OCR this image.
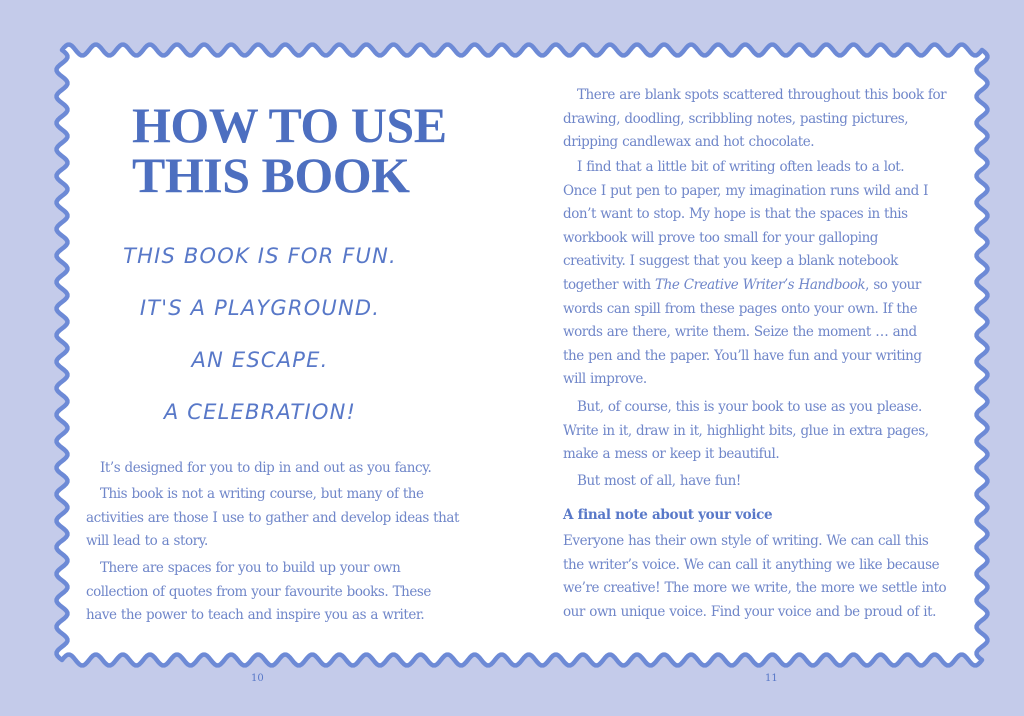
HOW TO USE
THIS BOOK
THIS BOOK IS FOR FUN.
IT'S A PLAYGROUND.
AN ESCAPE.
A CELEBRATION!

It’s designed for you to dip in and out as you fancy.

This book is not a writing course, but many of the activities are those I use to gather and develop ideas that will lead to a story.

There are spaces for you to build up your own collection of quotes from your favourite books. These have the power to teach and inspire you as a writer.

10

There are blank spots scattered throughout this book for drawing, doodling, scribbling notes, pasting pictures, dripping candlewax and hot chocolate.

I find that a little bit of writing often leads to a lot. Once I put pen to paper, my imagination runs wild and I don’t want to stop. My hope is that the spaces in this workbook will prove too small for your galloping creativity. I suggest that you keep a blank notebook together with The Creative Writer’s Handbook, so your words can spill from these pages onto your own. If the words are there, write them. Seize the moment … and the pen and the paper. You’ll have fun and your writing will improve.

But, of course, this is your book to use as you please. Write in it, draw in it, highlight bits, glue in extra pages, make a mess or keep it beautiful.

But most of all, have fun!

A final note about your voice

Everyone has their own style of writing. We can call this the writer’s voice. We can call it anything we like because we’re creative! The more we write, the more we settle into our own unique voice. Find your voice and be proud of it.

11
